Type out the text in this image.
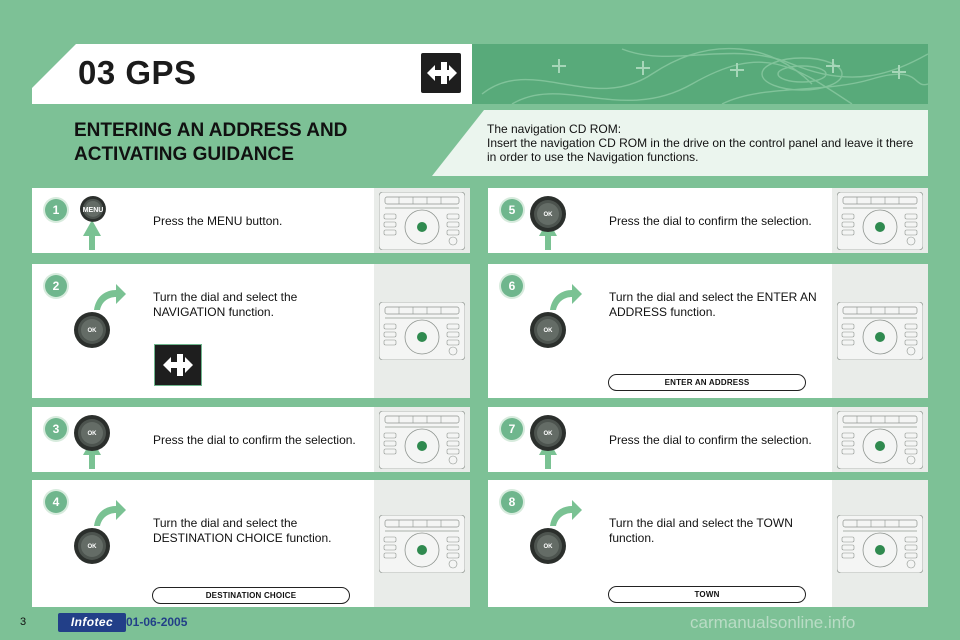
03 GPS
ENTERING AN ADDRESS AND ACTIVATING GUIDANCE
The navigation CD ROM:
Insert the navigation CD ROM in the drive on the control panel and leave it there in order to use the Navigation functions.
1	MENU
Press the MENU button.
2
OK
Turn the dial and select the NAVIGATION function.
3	OK	Press the dial to confirm the selection.
4
OK
Turn the dial and select the DESTINATION CHOICE function.
DESTINATION CHOICE
5	OK	Press the dial to confirm the selection.
6
OK
Turn the dial and select the ENTER AN ADDRESS function.
ENTER AN ADDRESS
7	OK	Press the dial to confirm the selection.
8
OK
Turn the dial and select the TOWN function.
TOWN
3	Infotec	01-06-2005	carmanualsonline.info
